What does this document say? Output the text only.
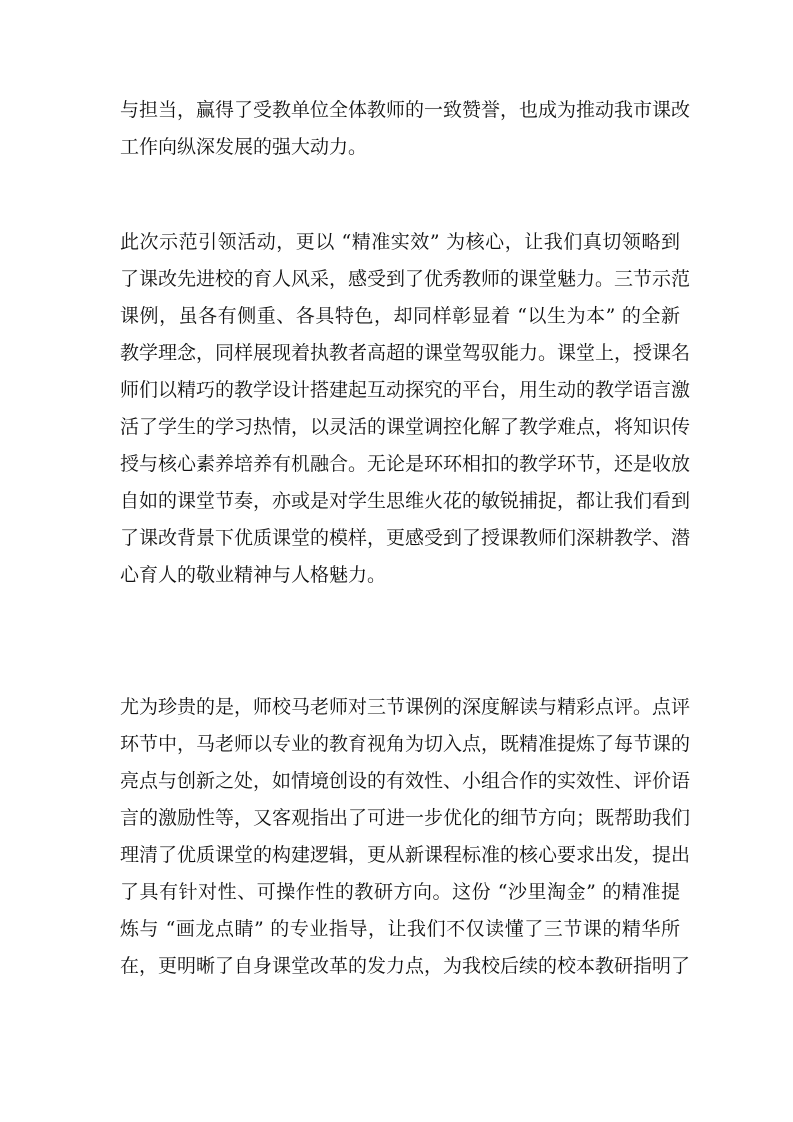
与担当，赢得了受教单位全体教师的一致赞誉，也成为推动我市课改
工作向纵深发展的强大动力。
此次示范引领活动，更以 “精准实效” 为核心，让我们真切领略到
了课改先进校的育人风采，感受到了优秀教师的课堂魅力。三节示范
课例，虽各有侧重、各具特色，却同样彰显着 “以生为本” 的全新
教学理念，同样展现着执教者高超的课堂驾驭能力。课堂上，授课名
师们以精巧的教学设计搭建起互动探究的平台，用生动的教学语言激
活了学生的学习热情，以灵活的课堂调控化解了教学难点，将知识传
授与核心素养培养有机融合。无论是环环相扣的教学环节，还是收放
自如的课堂节奏，亦或是对学生思维火花的敏锐捕捉，都让我们看到
了课改背景下优质课堂的模样，更感受到了授课教师们深耕教学、潜
心育人的敬业精神与人格魅力。
尤为珍贵的是，师校马老师对三节课例的深度解读与精彩点评。点评
环节中，马老师以专业的教育视角为切入点，既精准提炼了每节课的
亮点与创新之处，如情境创设的有效性、小组合作的实效性、评价语
言的激励性等，又客观指出了可进一步优化的细节方向；既帮助我们
理清了优质课堂的构建逻辑，更从新课程标准的核心要求出发，提出
了具有针对性、可操作性的教研方向。这份 “沙里淘金” 的精准提
炼与 “画龙点睛” 的专业指导，让我们不仅读懂了三节课的精华所
在，更明晰了自身课堂改革的发力点，为我校后续的校本教研指明了
